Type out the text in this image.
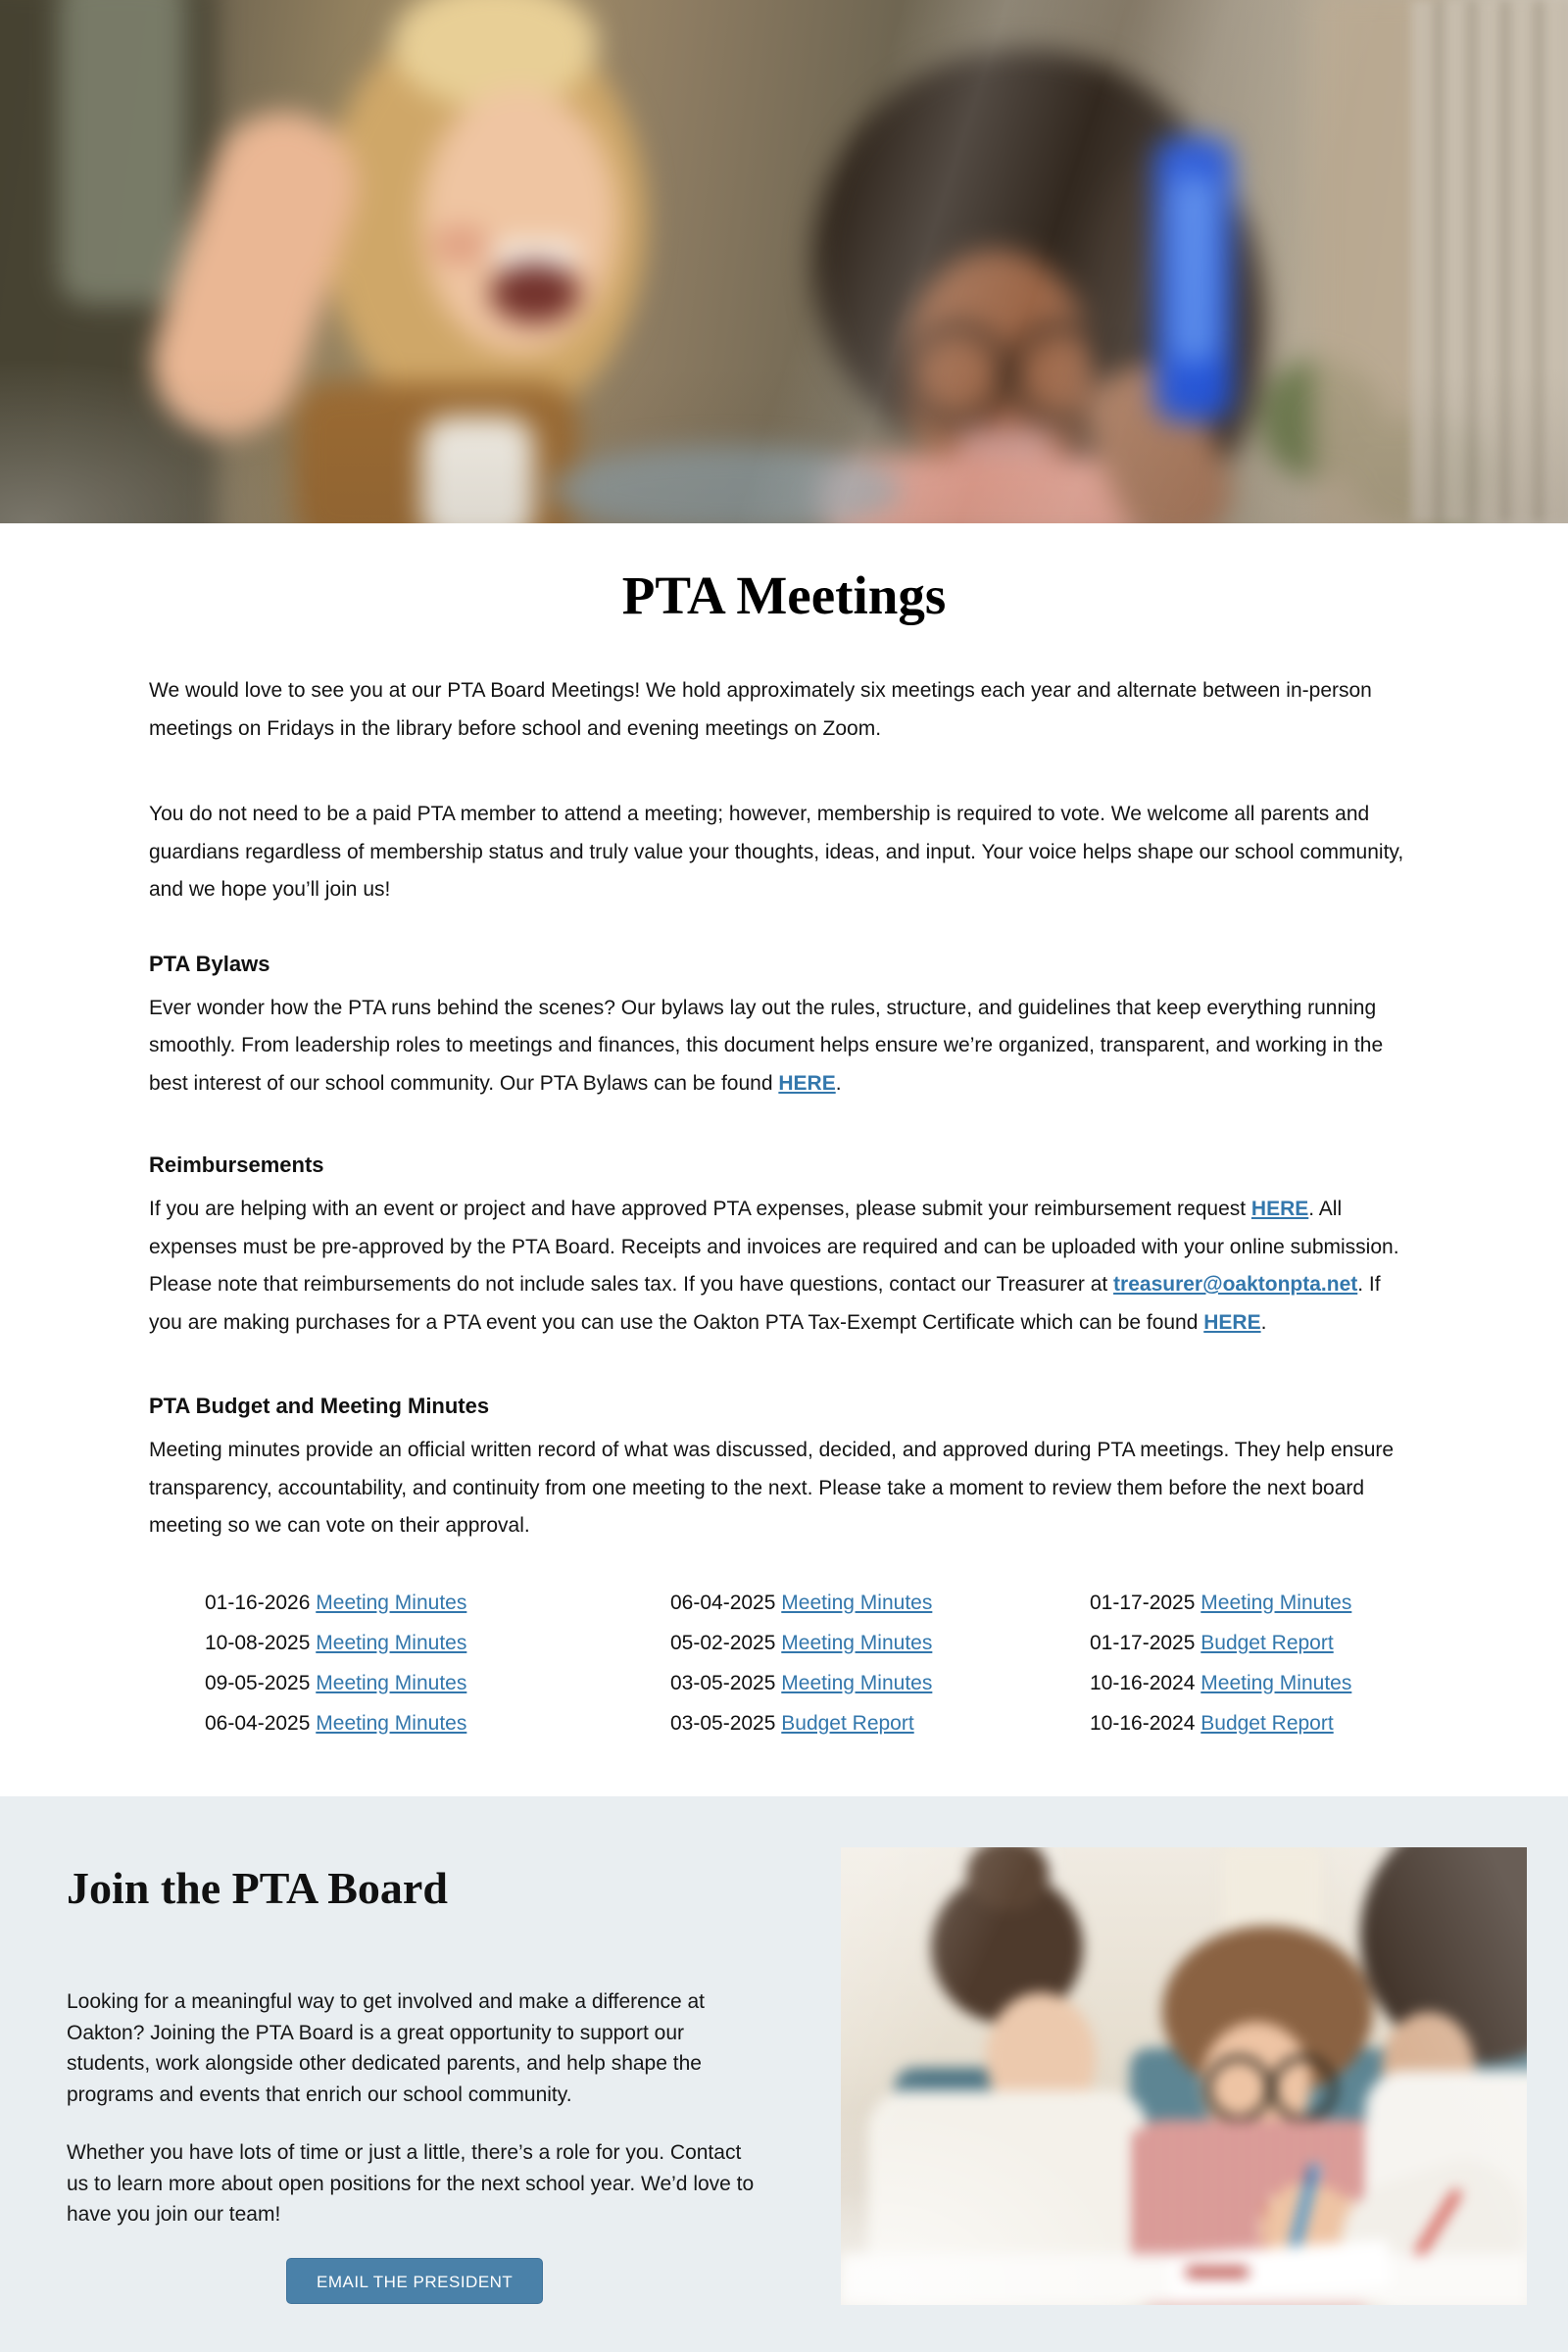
PTA Meetings

We would love to see you at our PTA Board Meetings! We hold approximately six meetings each year and alternate between in-person meetings on Fridays in the library before school and evening meetings on Zoom.

You do not need to be a paid PTA member to attend a meeting; however, membership is required to vote. We welcome all parents and guardians regardless of membership status and truly value your thoughts, ideas, and input. Your voice helps shape our school community, and we hope you’ll join us!

PTA Bylaws

Ever wonder how the PTA runs behind the scenes? Our bylaws lay out the rules, structure, and guidelines that keep everything running smoothly. From leadership roles to meetings and finances, this document helps ensure we’re organized, transparent, and working in the best interest of our school community. Our PTA Bylaws can be found HERE.

Reimbursements

If you are helping with an event or project and have approved PTA expenses, please submit your reimbursement request HERE. All expenses must be pre-approved by the PTA Board. Receipts and invoices are required and can be uploaded with your online submission. Please note that reimbursements do not include sales tax. If you have questions, contact our Treasurer at treasurer@oaktonpta.net. If you are making purchases for a PTA event you can use the Oakton PTA Tax-Exempt Certificate which can be found HERE.

PTA Budget and Meeting Minutes

Meeting minutes provide an official written record of what was discussed, decided, and approved during PTA meetings. They help ensure transparency, accountability, and continuity from one meeting to the next. Please take a moment to review them before the next board meeting so we can vote on their approval.

01-16-2026 Meeting Minutes
10-08-2025 Meeting Minutes
09-05-2025 Meeting Minutes
06-04-2025 Meeting Minutes
06-04-2025 Meeting Minutes
05-02-2025 Meeting Minutes
03-05-2025 Meeting Minutes
03-05-2025 Budget Report
01-17-2025 Meeting Minutes
01-17-2025 Budget Report
10-16-2024 Meeting Minutes
10-16-2024 Budget Report
Join the PTA Board

Looking for a meaningful way to get involved and make a difference at Oakton? Joining the PTA Board is a great opportunity to support our students, work alongside other dedicated parents, and help shape the programs and events that enrich our school community.

Whether you have lots of time or just a little, there’s a role for you. Contact us to learn more about open positions for the next school year. We’d love to have you join our team!

EMAIL THE PRESIDENT
